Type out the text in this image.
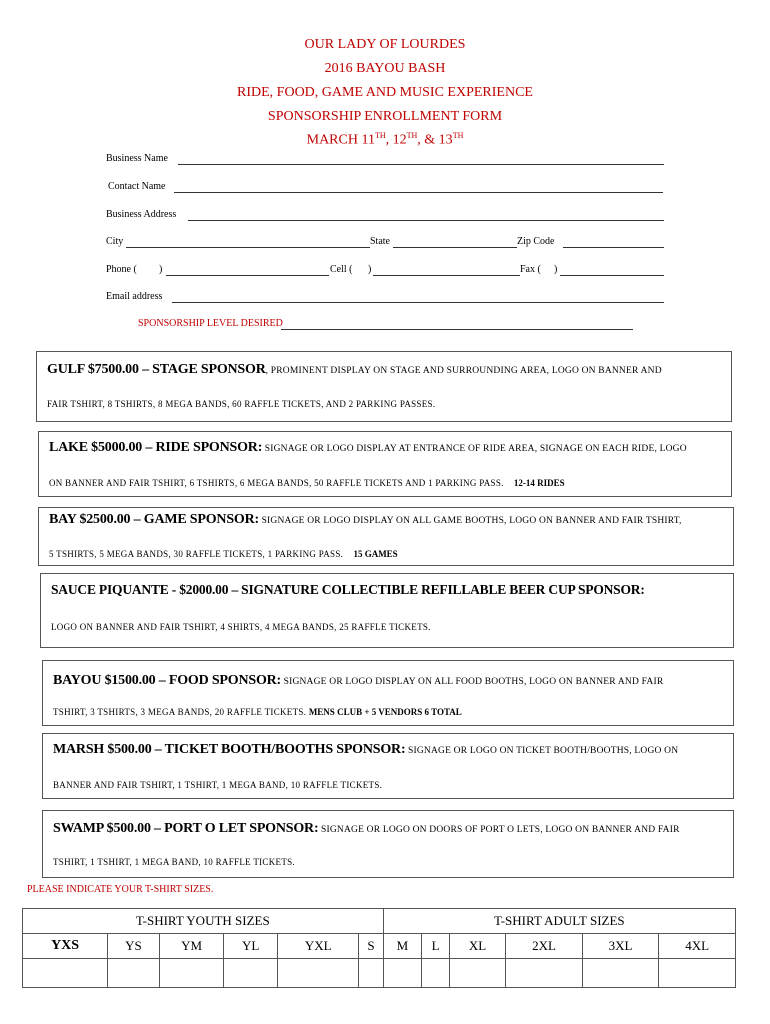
OUR LADY OF LOURDES
2016 BAYOU BASH
RIDE, FOOD, GAME AND MUSIC EXPERIENCE
SPONSORSHIP ENROLLMENT FORM
MARCH 11TH, 12TH, & 13TH
Business Name
Contact Name
Business Address
City	State	Zip Code
Phone ( )	Cell ( )	Fax ( )
Email address
SPONSORSHIP LEVEL DESIRED
GULF $7500.00 – STAGE SPONSOR, PROMINENT DISPLAY ON STAGE AND SURROUNDING AREA, LOGO ON BANNER AND
FAIR TSHIRT, 8 TSHIRTS, 8 MEGA BANDS, 60 RAFFLE TICKETS, AND 2 PARKING PASSES.
LAKE $5000.00 – RIDE SPONSOR: SIGNAGE OR LOGO DISPLAY AT ENTRANCE OF RIDE AREA, SIGNAGE ON EACH RIDE, LOGO
ON BANNER AND FAIR TSHIRT, 6 TSHIRTS, 6 MEGA BANDS, 50 RAFFLE TICKETS AND 1 PARKING PASS. 12-14 RIDES
BAY $2500.00 – GAME SPONSOR: SIGNAGE OR LOGO DISPLAY ON ALL GAME BOOTHS, LOGO ON BANNER AND FAIR TSHIRT,
5 TSHIRTS, 5 MEGA BANDS, 30 RAFFLE TICKETS, 1 PARKING PASS. 15 GAMES
SAUCE PIQUANTE - $2000.00 – SIGNATURE COLLECTIBLE REFILLABLE BEER CUP SPONSOR:
LOGO ON BANNER AND FAIR TSHIRT, 4 SHIRTS, 4 MEGA BANDS, 25 RAFFLE TICKETS.
BAYOU $1500.00 – FOOD SPONSOR: SIGNAGE OR LOGO DISPLAY ON ALL FOOD BOOTHS, LOGO ON BANNER AND FAIR
TSHIRT, 3 TSHIRTS, 3 MEGA BANDS, 20 RAFFLE TICKETS. MENS CLUB + 5 VENDORS 6 TOTAL
MARSH $500.00 – TICKET BOOTH/BOOTHS SPONSOR: SIGNAGE OR LOGO ON TICKET BOOTH/BOOTHS, LOGO ON
BANNER AND FAIR TSHIRT, 1 TSHIRT, 1 MEGA BAND, 10 RAFFLE TICKETS.
SWAMP $500.00 – PORT O LET SPONSOR: SIGNAGE OR LOGO ON DOORS OF PORT O LETS, LOGO ON BANNER AND FAIR
TSHIRT, 1 TSHIRT, 1 MEGA BAND, 10 RAFFLE TICKETS.
PLEASE INDICATE YOUR T-SHIRT SIZES.
T-SHIRT YOUTH SIZES						T-SHIRT ADULT SIZES					
YXS	YS	YM	YL	YXL	S	M	L	XL	2XL	3XL	4XL
